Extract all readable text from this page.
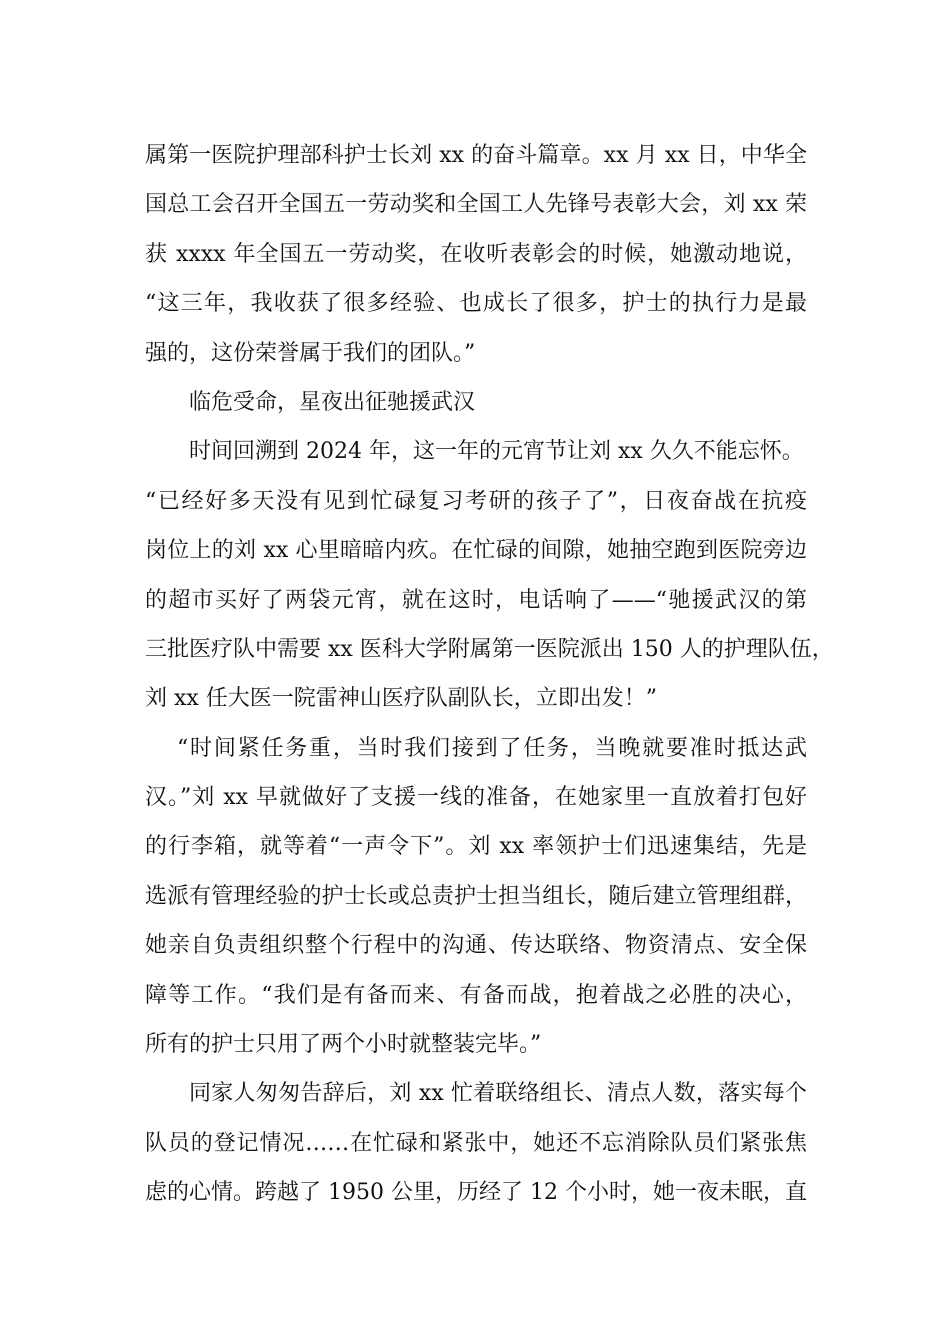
属第一医院护理部科护士长刘 xx 的奋斗篇章。xx 月 xx 日，中华全
国总工会召开全国五一劳动奖和全国工人先锋号表彰大会，刘 xx 荣
获 xxxx 年全国五一劳动奖，在收听表彰会的时候，她激动地说，
“这三年，我收获了很多经验、也成长了很多，护士的执行力是最
强的，这份荣誉属于我们的团队。”

临危受命，星夜出征驰援武汉

时间回溯到 2024 年，这一年的元宵节让刘 xx 久久不能忘怀。
“已经好多天没有见到忙碌复习考研的孩子了”，日夜奋战在抗疫
岗位上的刘 xx 心里暗暗内疚。在忙碌的间隙，她抽空跑到医院旁边
的超市买好了两袋元宵，就在这时，电话响了——“驰援武汉的第
三批医疗队中需要 xx 医科大学附属第一医院派出 150 人的护理队伍，
刘 xx 任大医一院雷神山医疗队副队长，立即出发！”

“时间紧任务重，当时我们接到了任务，当晚就要准时抵达武
汉。”刘 xx 早就做好了支援一线的准备，在她家里一直放着打包好
的行李箱，就等着“一声令下”。刘 xx 率领护士们迅速集结，先是
选派有管理经验的护士长或总责护士担当组长，随后建立管理组群，
她亲自负责组织整个行程中的沟通、传达联络、物资清点、安全保
障等工作。“我们是有备而来、有备而战，抱着战之必胜的决心，
所有的护士只用了两个小时就整装完毕。”

同家人匆匆告辞后，刘 xx 忙着联络组长、清点人数，落实每个
队员的登记情况……在忙碌和紧张中，她还不忘消除队员们紧张焦
虑的心情。跨越了 1950 公里，历经了 12 个小时，她一夜未眠，直
